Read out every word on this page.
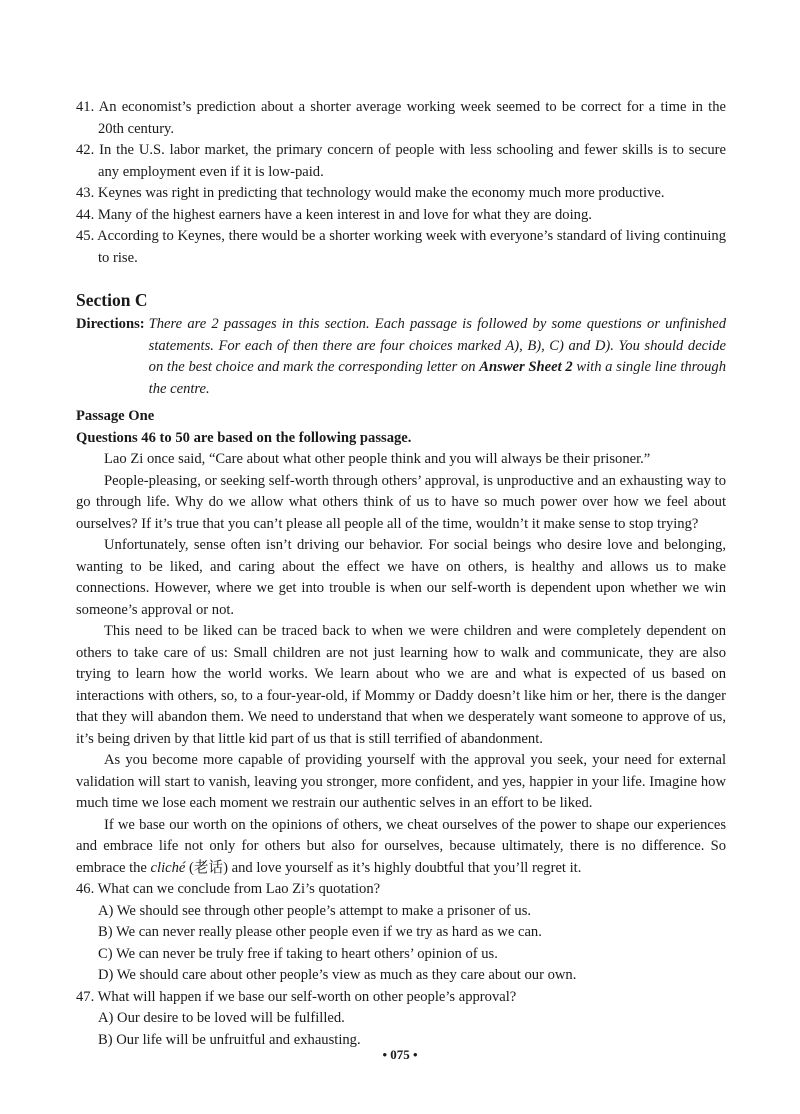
41. An economist’s prediction about a shorter average working week seemed to be correct for a time in the 20th century.

42. In the U.S. labor market, the primary concern of people with less schooling and fewer skills is to secure any employment even if it is low-paid.

43. Keynes was right in predicting that technology would make the economy much more productive.

44. Many of the highest earners have a keen interest in and love for what they are doing.

45. According to Keynes, there would be a shorter working week with everyone’s standard of living continuing to rise.

Section C
Directions: There are 2 passages in this section. Each passage is followed by some questions or unfinished statements. For each of then there are four choices marked A), B), C) and D). You should decide on the best choice and mark the corresponding letter on Answer Sheet 2 with a single line through the centre.

Passage One

Questions 46 to 50 are based on the following passage.

Lao Zi once said, “Care about what other people think and you will always be their prisoner.”

People-pleasing, or seeking self-worth through others’ approval, is unproductive and an exhausting way to go through life. Why do we allow what others think of us to have so much power over how we feel about ourselves? If it’s true that you can’t please all people all of the time, wouldn’t it make sense to stop trying?

Unfortunately, sense often isn’t driving our behavior. For social beings who desire love and belonging, wanting to be liked, and caring about the effect we have on others, is healthy and allows us to make connections. However, where we get into trouble is when our self-worth is dependent upon whether we win someone’s approval or not.

This need to be liked can be traced back to when we were children and were completely dependent on others to take care of us: Small children are not just learning how to walk and communicate, they are also trying to learn how the world works. We learn about who we are and what is expected of us based on interactions with others, so, to a four-year-old, if Mommy or Daddy doesn’t like him or her, there is the danger that they will abandon them. We need to understand that when we desperately want someone to approve of us, it’s being driven by that little kid part of us that is still terrified of abandonment.

As you become more capable of providing yourself with the approval you seek, your need for external validation will start to vanish, leaving you stronger, more confident, and yes, happier in your life. Imagine how much time we lose each moment we restrain our authentic selves in an effort to be liked.

If we base our worth on the opinions of others, we cheat ourselves of the power to shape our experiences and embrace life not only for others but also for ourselves, because ultimately, there is no difference. So embrace the cliché (老话) and love yourself as it’s highly doubtful that you’ll regret it.

46. What can we conclude from Lao Zi’s quotation?

A) We should see through other people’s attempt to make a prisoner of us.

B) We can never really please other people even if we try as hard as we can.

C) We can never be truly free if taking to heart others’ opinion of us.

D) We should care about other people’s view as much as they care about our own.

47. What will happen if we base our self-worth on other people’s approval?

A) Our desire to be loved will be fulfilled.

B) Our life will be unfruitful and exhausting.

• 075 •
